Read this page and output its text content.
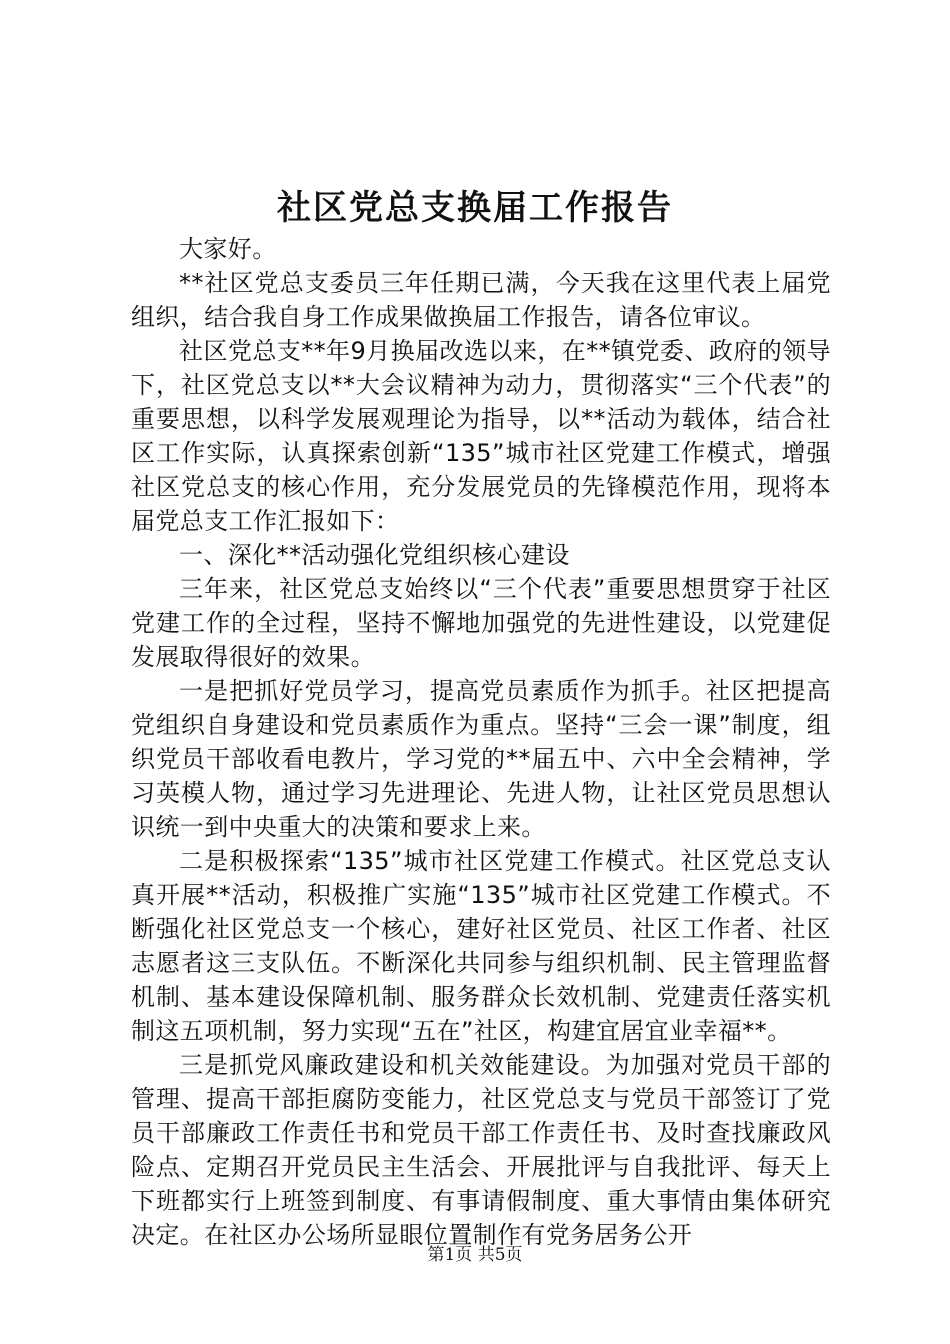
社区党总支换届工作报告

大家好。

**社区党总支委员三年任期已满，今天我在这里代表上届党组织，结合我自身工作成果做换届工作报告，请各位审议。

社区党总支**年9月换届改选以来，在**镇党委、政府的领导下，社区党总支以**大会议精神为动力，贯彻落实“三个代表”的重要思想，以科学发展观理论为指导，以**活动为载体，结合社区工作实际，认真探索创新“135”城市社区党建工作模式，增强社区党总支的核心作用，充分发展党员的先锋模范作用，现将本届党总支工作汇报如下：

一、深化**活动强化党组织核心建设

三年来，社区党总支始终以“三个代表”重要思想贯穿于社区党建工作的全过程，坚持不懈地加强党的先进性建设，以党建促发展取得很好的效果。

一是把抓好党员学习，提高党员素质作为抓手。社区把提高党组织自身建设和党员素质作为重点。坚持“三会一课”制度，组织党员干部收看电教片，学习党的**届五中、六中全会精神，学习英模人物，通过学习先进理论、先进人物，让社区党员思想认识统一到中央重大的决策和要求上来。

二是积极探索“135”城市社区党建工作模式。社区党总支认真开展**活动，积极推广实施“135”城市社区党建工作模式。不断强化社区党总支一个核心，建好社区党员、社区工作者、社区志愿者这三支队伍。不断深化共同参与组织机制、民主管理监督机制、基本建设保障机制、服务群众长效机制、党建责任落实机制这五项机制，努力实现“五在”社区，构建宜居宜业幸福**。

三是抓党风廉政建设和机关效能建设。为加强对党员干部的管理、提高干部拒腐防变能力，社区党总支与党员干部签订了党员干部廉政工作责任书和党员干部工作责任书、及时查找廉政风险点、定期召开党员民主生活会、开展批评与自我批评、每天上下班都实行上班签到制度、有事请假制度、重大事情由集体研究决定。在社区办公场所显眼位置制作有党务居务公开

第1页 共5页
